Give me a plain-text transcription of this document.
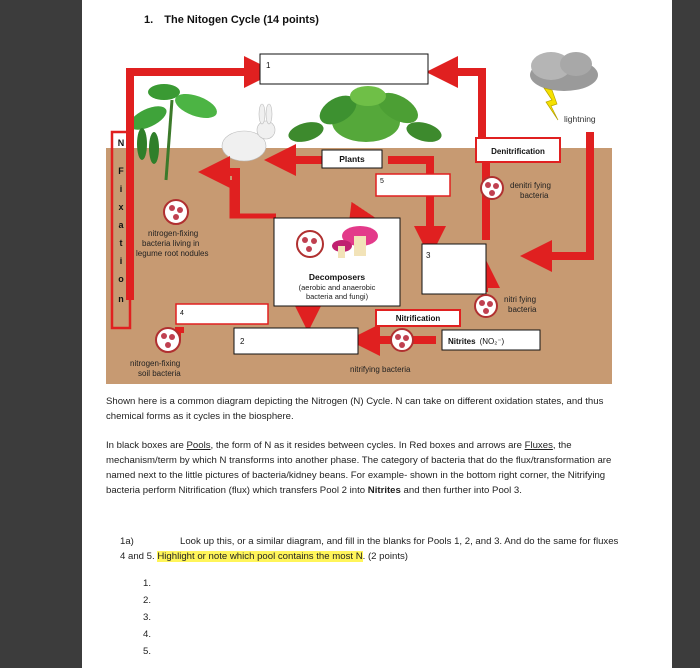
1. The Nitogen Cycle (14 points)
lightning
N
F
i
x
a
t
i
o
n
1
5
3
4
2
Plants
Denitrification
denitri fying
bacteria
nitrogen-fixing
bacteria living in
legume root nodules
Decomposers
(aerobic and anaerobic
bacteria and fungi)	nitri fying
bacteria
Nitrification
Nitrites (NO₂⁻)
nitrogen-fixing
soil bacteria	nitrifying bacteria
Shown here is a common diagram depicting the Nitrogen (N) Cycle. N can take on different oxidation states, and thus chemical forms as it cycles in the biosphere.
In black boxes are Pools, the form of N as it resides between cycles. In Red boxes and arrows are Fluxes, the mechanism/term by which N transforms into another phase. The category of bacteria that do the flux/transformation are named next to the little pictures of bacteria/kidney beans. For example- shown in the bottom right corner, the Nitrifying bacteria perform Nitrification (flux) which transfers Pool 2 into Nitrites and then further into Pool 3.
1a)	Look up this, or a similar diagram, and fill in the blanks for Pools 1, 2, and 3. And do the same for fluxes 4 and 5. Highlight or note which pool contains the most N. (2 points)
1.
2.
3.
4.
5.
